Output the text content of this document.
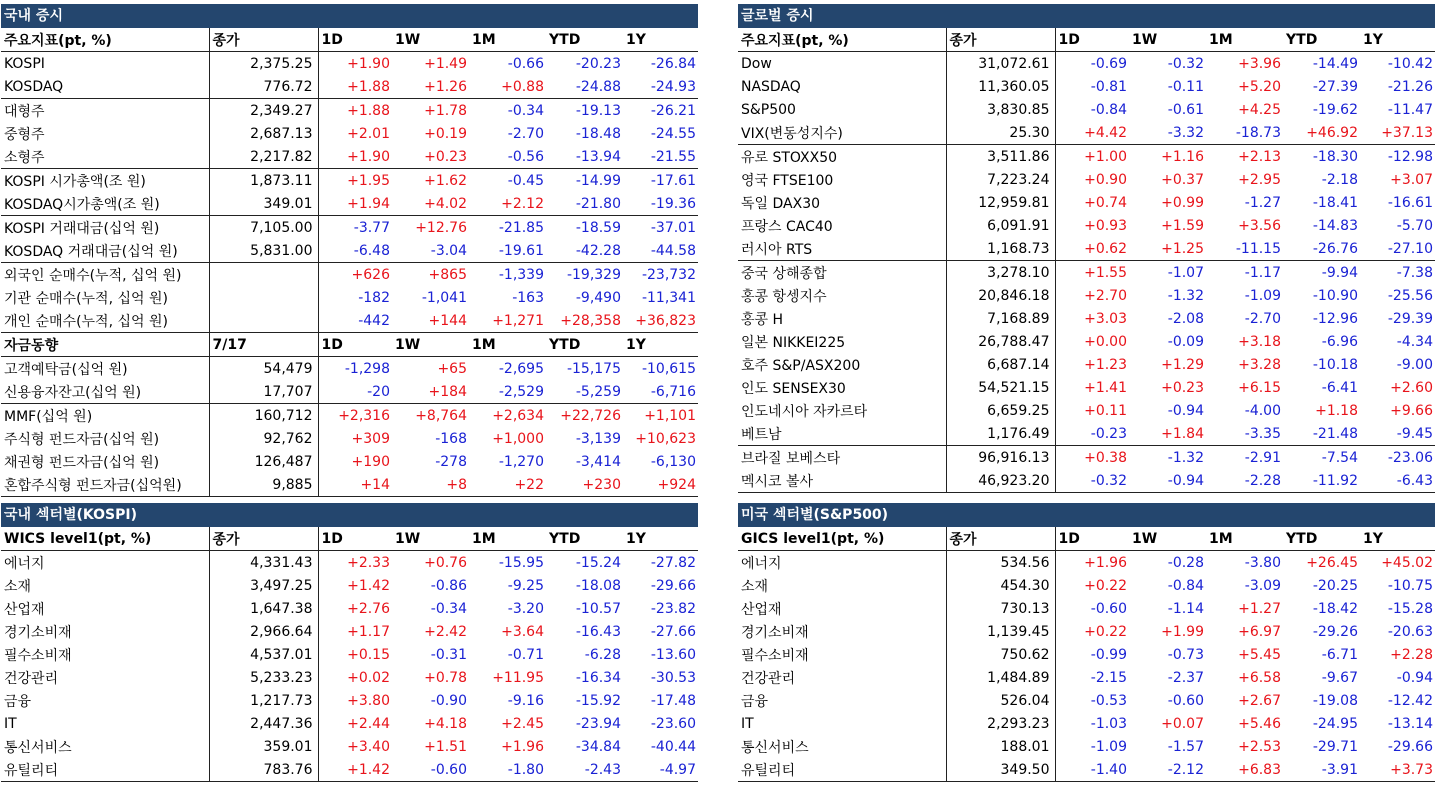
국내 증시
주요지표(pt, %)	종가	1D	1W	1M	YTD	1Y
KOSPI	2,375.25	+1.90	+1.49	-0.66	-20.23	-26.84
KOSDAQ	776.72	+1.88	+1.26	+0.88	-24.88	-24.93
대형주	2,349.27	+1.88	+1.78	-0.34	-19.13	-26.21
중형주	2,687.13	+2.01	+0.19	-2.70	-18.48	-24.55
소형주	2,217.82	+1.90	+0.23	-0.56	-13.94	-21.55
KOSPI 시가총액(조 원)	1,873.11	+1.95	+1.62	-0.45	-14.99	-17.61
KOSDAQ시가총액(조 원)	349.01	+1.94	+4.02	+2.12	-21.80	-19.36
KOSPI 거래대금(십억 원)	7,105.00	-3.77	+12.76	-21.85	-18.59	-37.01
KOSDAQ 거래대금(십억 원)	5,831.00	-6.48	-3.04	-19.61	-42.28	-44.58
외국인 순매수(누적, 십억 원)		+626	+865	-1,339	-19,329	-23,732
기관 순매수(누적, 십억 원)		-182	-1,041	-163	-9,490	-11,341
개인 순매수(누적, 십억 원)		-442	+144	+1,271	+28,358	+36,823
자금동향	7/17	1D	1W	1M	YTD	1Y
고객예탁금(십억 원)	54,479	-1,298	+65	-2,695	-15,175	-10,615
신용융자잔고(십억 원)	17,707	-20	+184	-2,529	-5,259	-6,716
MMF(십억 원)	160,712	+2,316	+8,764	+2,634	+22,726	+1,101
주식형 펀드자금(십억 원)	92,762	+309	-168	+1,000	-3,139	+10,623
채권형 펀드자금(십억 원)	126,487	+190	-278	-1,270	-3,414	-6,130
혼합주식형 펀드자금(십억원)	9,885	+14	+8	+22	+230	+924
글로벌 증시
주요지표(pt, %)	종가	1D	1W	1M	YTD	1Y
Dow	31,072.61	-0.69	-0.32	+3.96	-14.49	-10.42
NASDAQ	11,360.05	-0.81	-0.11	+5.20	-27.39	-21.26
S&P500	3,830.85	-0.84	-0.61	+4.25	-19.62	-11.47
VIX(변동성지수)	25.30	+4.42	-3.32	-18.73	+46.92	+37.13
유로 STOXX50	3,511.86	+1.00	+1.16	+2.13	-18.30	-12.98
영국 FTSE100	7,223.24	+0.90	+0.37	+2.95	-2.18	+3.07
독일 DAX30	12,959.81	+0.74	+0.99	-1.27	-18.41	-16.61
프랑스 CAC40	6,091.91	+0.93	+1.59	+3.56	-14.83	-5.70
러시아 RTS	1,168.73	+0.62	+1.25	-11.15	-26.76	-27.10
중국 상해종합	3,278.10	+1.55	-1.07	-1.17	-9.94	-7.38
홍콩 항셍지수	20,846.18	+2.70	-1.32	-1.09	-10.90	-25.56
홍콩 H	7,168.89	+3.03	-2.08	-2.70	-12.96	-29.39
일본 NIKKEI225	26,788.47	+0.00	-0.09	+3.18	-6.96	-4.34
호주 S&P/ASX200	6,687.14	+1.23	+1.29	+3.28	-10.18	-9.00
인도 SENSEX30	54,521.15	+1.41	+0.23	+6.15	-6.41	+2.60
인도네시아 자카르타	6,659.25	+0.11	-0.94	-4.00	+1.18	+9.66
베트남	1,176.49	-0.23	+1.84	-3.35	-21.48	-9.45
브라질 보베스타	96,916.13	+0.38	-1.32	-2.91	-7.54	-23.06
멕시코 볼사	46,923.20	-0.32	-0.94	-2.28	-11.92	-6.43
국내 섹터별(KOSPI)
WICS level1(pt, %)	종가	1D	1W	1M	YTD	1Y
에너지	4,331.43	+2.33	+0.76	-15.95	-15.24	-27.82
소재	3,497.25	+1.42	-0.86	-9.25	-18.08	-29.66
산업재	1,647.38	+2.76	-0.34	-3.20	-10.57	-23.82
경기소비재	2,966.64	+1.17	+2.42	+3.64	-16.43	-27.66
필수소비재	4,537.01	+0.15	-0.31	-0.71	-6.28	-13.60
건강관리	5,233.23	+0.02	+0.78	+11.95	-16.34	-30.53
금융	1,217.73	+3.80	-0.90	-9.16	-15.92	-17.48
IT	2,447.36	+2.44	+4.18	+2.45	-23.94	-23.60
통신서비스	359.01	+3.40	+1.51	+1.96	-34.84	-40.44
유틸리티	783.76	+1.42	-0.60	-1.80	-2.43	-4.97
미국 섹터별(S&P500)
GICS level1(pt, %)	종가	1D	1W	1M	YTD	1Y
에너지	534.56	+1.96	-0.28	-3.80	+26.45	+45.02
소재	454.30	+0.22	-0.84	-3.09	-20.25	-10.75
산업재	730.13	-0.60	-1.14	+1.27	-18.42	-15.28
경기소비재	1,139.45	+0.22	+1.99	+6.97	-29.26	-20.63
필수소비재	750.62	-0.99	-0.73	+5.45	-6.71	+2.28
건강관리	1,484.89	-2.15	-2.37	+6.58	-9.67	-0.94
금융	526.04	-0.53	-0.60	+2.67	-19.08	-12.42
IT	2,293.23	-1.03	+0.07	+5.46	-24.95	-13.14
통신서비스	188.01	-1.09	-1.57	+2.53	-29.71	-29.66
유틸리티	349.50	-1.40	-2.12	+6.83	-3.91	+3.73
